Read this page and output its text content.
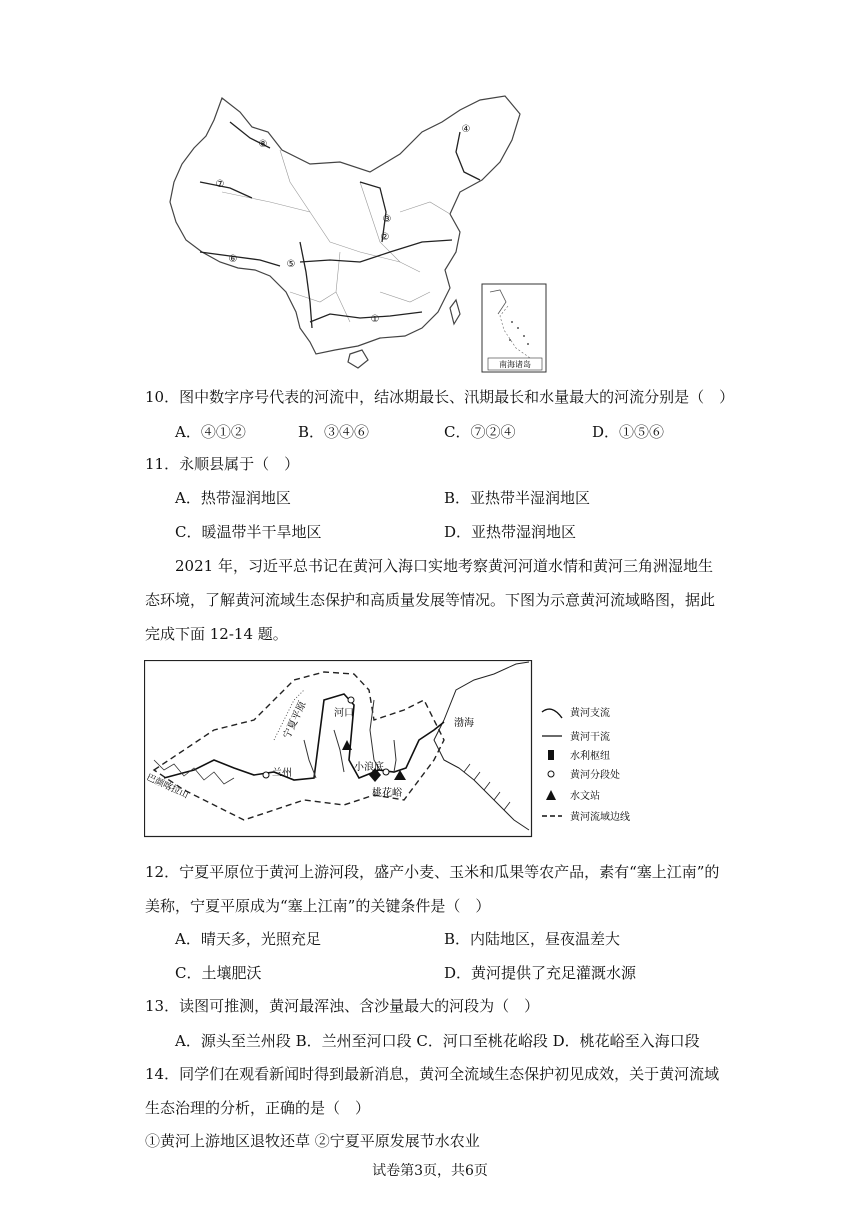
①
②
③
④
⑤
⑥
⑦
⑧
南海诸岛
10．图中数字序号代表的河流中，结冰期最长、汛期最长和水量最大的河流分别是（　）
A．④①②	B．③④⑥	C．⑦②④	D．①⑤⑥
11．永顺县属于（　）
A．热带湿润地区	B．亚热带半湿润地区
C．暖温带半干旱地区	D．亚热带湿润地区
2021 年，习近平总书记在黄河入海口实地考察黄河河道水情和黄河三角洲湿地生
态环境，了解黄河流域生态保护和高质量发展等情况。下图为示意黄河流域略图，据此
完成下面 12-14 题。
宁夏平原	河口
兰州
小浪底
桃花峪
渤海
巴颜喀拉山
黄河支流
黄河干流
水利枢纽
黄河分段处
水文站
黄河流域边线
12．宁夏平原位于黄河上游河段，盛产小麦、玉米和瓜果等农产品，素有“塞上江南”的
美称，宁夏平原成为“塞上江南”的关键条件是（　）
A．晴天多，光照充足	B．内陆地区，昼夜温差大
C．土壤肥沃	D．黄河提供了充足灌溉水源
13．读图可推测，黄河最浑浊、含沙量最大的河段为（　）
A．源头至兰州段 B．兰州至河口段 C．河口至桃花峪段 D．桃花峪至入海口段
14．同学们在观看新闻时得到最新消息，黄河全流域生态保护初见成效，关于黄河流域
生态治理的分析，正确的是（　）
①黄河上游地区退牧还草 ②宁夏平原发展节水农业
试卷第3页，共6页
